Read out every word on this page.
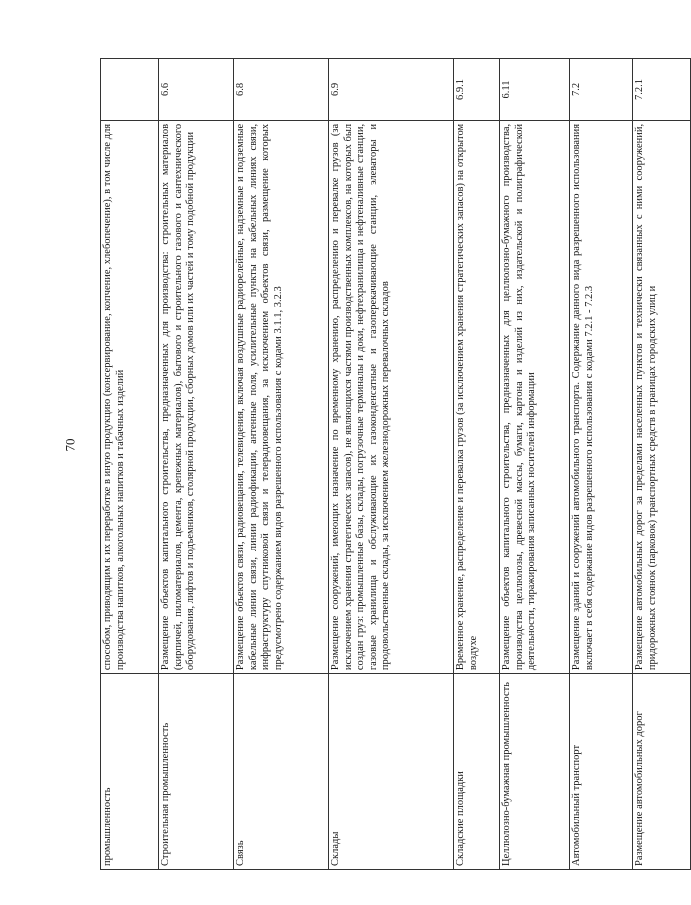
70
промышленность	способом, приводящим к их переработке в иную продукцию (консервирование, копчение, хлебопечение), в том числе для производства напитков, алкогольных напитков и табачных изделий	
Строительная промышленность	Размещение объектов капитального строительства, предназначенных для производства: строительных материалов (кирпичей, пиломатериалов, цемента, крепежных материалов), бытового и строительного газового и сантехнического оборудования, лифтов и подъемников, столярной продукции, сборных домов или их частей и тому подобной продукции	6.6
Связь	Размещение объектов связи, радиовещания, телевидения, включая воздушные радиорелейные, надземные и подземные кабельные линии связи, линии радиофикации, антенные поля, усилительные пункты на кабельных линиях связи, инфраструктуру спутниковой связи и телерадиовещания, за исключением объектов связи, размещение которых предусмотрено содержанием видов разрешенного использования с кодами 3.1.1, 3.2.3	6.8
Склады	Размещение сооружений, имеющих назначение по временному хранению, распределению и перевалке грузов (за исключением хранения стратегических запасов), не являющихся частями производственных комплексов, на которых был создан груз: промышленные базы, склады, погрузочные терминалы и доки, нефтехранилища и нефтеналивные станции, газовые хранилища и обслуживающие их газоконденсатные и газоперекачивающие станции, элеваторы и продовольственные склады, за исключением железнодорожных перевалочных складов	6.9
Складские площадки	Временное хранение, распределение и перевалка грузов (за исключением хранения стратегических запасов) на открытом воздухе	6.9.1
Целлюлозно-бумажная промышленность	Размещение объектов капитального строительства, предназначенных для целлюлозно-бумажного производства, производства целлюлозы, древесной массы, бумаги, картона и изделий из них, издательской и полиграфической деятельности, тиражирования записанных носителей информации	6.11
Автомобильный транспорт	Размещение зданий и сооружений автомобильного транспорта. Содержание данного вида разрешенного использования включает в себя содержание видов разрешенного использования с кодами 7.2.1 - 7.2.3	7.2
Размещение автомобильных дорог	Размещение автомобильных дорог за пределами населенных пунктов и технически связанных с ними сооружений, придорожных стоянок (парковок) транспортных средств в границах городских улиц и	7.2.1
